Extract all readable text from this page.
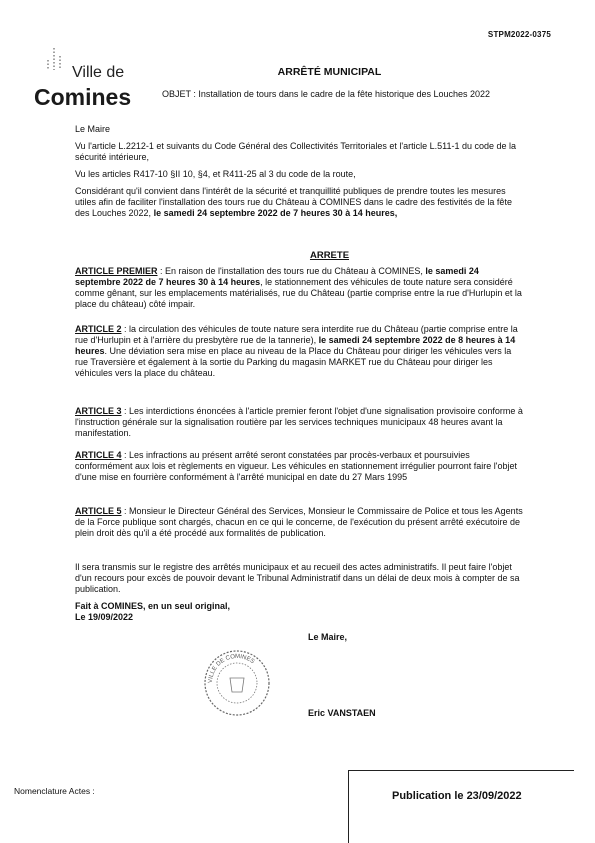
STPM2022-0375
Ville de
Comines
ARRÊTÉ MUNICIPAL
OBJET : Installation de tours dans le cadre de la fête historique des Louches 2022

Le Maire

Vu l'article L.2212-1 et suivants du Code Général des Collectivités Territoriales et l'article L.511-1 du code de la sécurité intérieure,

Vu les articles R417-10 §II 10, §4, et R411-25 al 3 du code de la route,

Considérant qu'il convient dans l'intérêt de la sécurité et tranquillité publiques de prendre toutes les mesures utiles afin de faciliter l'installation des tours rue du Château à COMINES dans le cadre des festivités de la fête des Louches 2022, le samedi 24 septembre 2022 de 7 heures 30 à 14 heures,

ARRETE

ARTICLE PREMIER : En raison de l'installation des tours rue du Château à COMINES, le samedi 24 septembre 2022 de 7 heures 30 à 14 heures, le stationnement des véhicules de toute nature sera considéré comme gênant, sur les emplacements matérialisés, rue du Château (partie comprise entre la rue d'Hurlupin et la place du château) côté impair.

ARTICLE 2 : la circulation des véhicules de toute nature sera interdite rue du Château (partie comprise entre la rue d'Hurlupin et à l'arrière du presbytère rue de la tannerie), le samedi 24 septembre 2022 de 8 heures à 14 heures. Une déviation sera mise en place au niveau de la Place du Château pour diriger les véhicules vers la rue Traversière et également à la sortie du Parking du magasin MARKET rue du Château pour diriger les véhicules vers la place du château.

ARTICLE 3 : Les interdictions énoncées à l'article premier feront l'objet d'une signalisation provisoire conforme à l'instruction générale sur la signalisation routière par les services techniques municipaux 48 heures avant la manifestation.

ARTICLE 4 : Les infractions au présent arrêté seront constatées par procès-verbaux et poursuivies conformément aux lois et règlements en vigueur. Les véhicules en stationnement irrégulier pourront faire l'objet d'une mise en fourrière conformément à l'arrêté municipal en date du 27 Mars 1995

ARTICLE 5 : Monsieur le Directeur Général des Services, Monsieur le Commissaire de Police et tous les Agents de la Force publique sont chargés, chacun en ce qui le concerne, de l'exécution du présent arrêté exécutoire de plein droit dès qu'il a été procédé aux formalités de publication.

Il sera transmis sur le registre des arrêtés municipaux et au recueil des actes administratifs. Il peut faire l'objet d'un recours pour excès de pouvoir devant le Tribunal Administratif dans un délai de deux mois à compter de sa publication.

Fait à COMINES, en un seul original,

Le 19/09/2022

Le Maire,
VILLE DE COMINES
Eric VANSTAEN
Nomenclature Actes :	Publication le 23/09/2022
